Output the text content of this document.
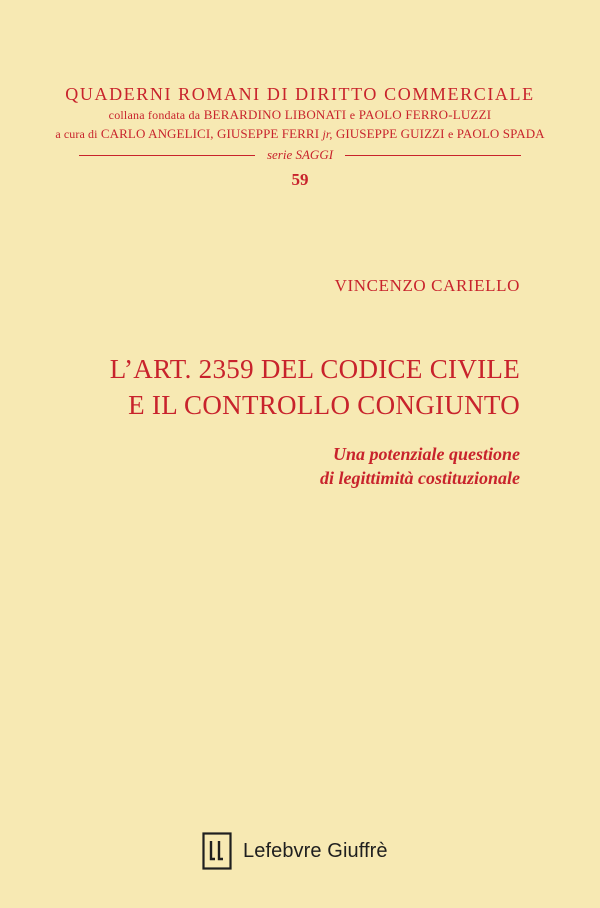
QUADERNI ROMANI DI DIRITTO COMMERCIALE
collana fondata da BERARDINO LIBONATI e PAOLO FERRO-LUZZI
a cura di CARLO ANGELICI, GIUSEPPE FERRI jr, GIUSEPPE GUIZZI e PAOLO SPADA
serie SAGGI
59
VINCENZO CARIELLO
L’ART. 2359 DEL CODICE CIVILE
E IL CONTROLLO CONGIUNTO
Una potenziale questione
di legittimità costituzionale
Lefebvre Giuffrè
